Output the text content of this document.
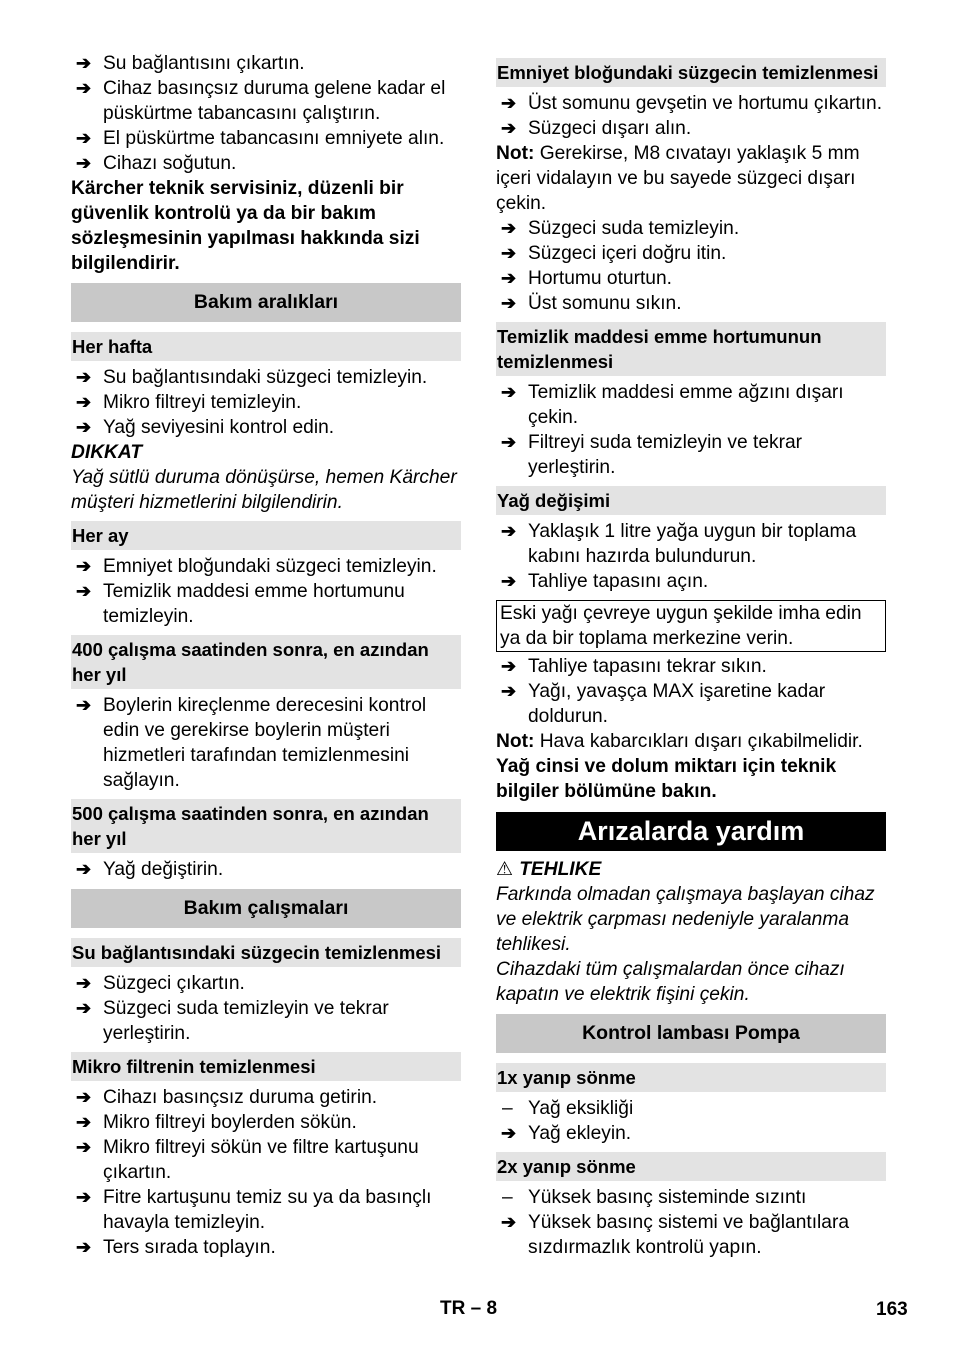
➔ Su bağlantısını çıkartın.
➔ Cihaz basınçsız duruma gelene kadar el püskürtme tabancasını çalıştırın.
➔ El püskürtme tabancasını emniyete alın.
➔ Cihazı soğutun.
Kärcher teknik servisiniz, düzenli bir güvenlik kontrolü ya da bir bakım sözleşmesinin yapılması hakkında sizi bilgilendirir.
Bakım aralıkları
Her hafta
➔ Su bağlantısındaki süzgeci temizleyin.
➔ Mikro filtreyi temizleyin.
➔ Yağ seviyesini kontrol edin.
DIKKAT
Yağ sütlü duruma dönüşürse, hemen Kärcher müşteri hizmetlerini bilgilendirin.
Her ay
➔ Emniyet bloğundaki süzgeci temizleyin.
➔ Temizlik maddesi emme hortumunu temizleyin.
400 çalışma saatinden sonra, en azından her yıl
➔ Boylerin kireçlenme derecesini kontrol edin ve gerekirse boylerin müşteri hizmetleri tarafından temizlenmesini sağlayın.
500 çalışma saatinden sonra, en azından her yıl
➔ Yağ değiştirin.
Bakım çalışmaları
Su bağlantısındaki süzgecin temizlenmesi
➔ Süzgeci çıkartın.
➔ Süzgeci suda temizleyin ve tekrar yerleştirin.
Mikro filtrenin temizlenmesi
➔ Cihazı basınçsız duruma getirin.
➔ Mikro filtreyi boylerden sökün.
➔ Mikro filtreyi sökün ve filtre kartuşunu çıkartın.
➔ Fitre kartuşunu temiz su ya da basınçlı havayla temizleyin.
➔ Ters sırada toplayın.
Emniyet bloğundaki süzgecin temizlenmesi
➔ Üst somunu gevşetin ve hortumu çıkartın.
➔ Süzgeci dışarı alın.
Not: Gerekirse, M8 cıvatayı yaklaşık 5 mm içeri vidalayın ve bu sayede süzgeci dışarı çekin.
➔ Süzgeci suda temizleyin.
➔ Süzgeci içeri doğru itin.
➔ Hortumu oturtun.
➔ Üst somunu sıkın.
Temizlik maddesi emme hortumunun temizlenmesi
➔ Temizlik maddesi emme ağzını dışarı çekin.
➔ Filtreyi suda temizleyin ve tekrar yerleştirin.
Yağ değişimi
➔ Yaklaşık 1 litre yağa uygun bir toplama kabını hazırda bulundurun.
➔ Tahliye tapasını açın.
Eski yağı çevreye uygun şekilde imha edin ya da bir toplama merkezine verin.
➔ Tahliye tapasını tekrar sıkın.
➔ Yağı, yavaşça MAX işaretine kadar doldurun.
Not: Hava kabarcıkları dışarı çıkabilmelidir.
Yağ cinsi ve dolum miktarı için teknik bilgiler bölümüne bakın.
Arızalarda yardım
⚠ TEHLIKE
Farkında olmadan çalışmaya başlayan cihaz ve elektrik çarpması nedeniyle yaralanma tehlikesi.
Cihazdaki tüm çalışmalardan önce cihazı kapatın ve elektrik fişini çekin.
Kontrol lambası Pompa
1x yanıp sönme
– Yağ eksikliği
➔ Yağ ekleyin.
2x yanıp sönme
– Yüksek basınç sisteminde sızıntı
➔ Yüksek basınç sistemi ve bağlantılara sızdırmazlık kontrolü yapın.
TR – 8	163
